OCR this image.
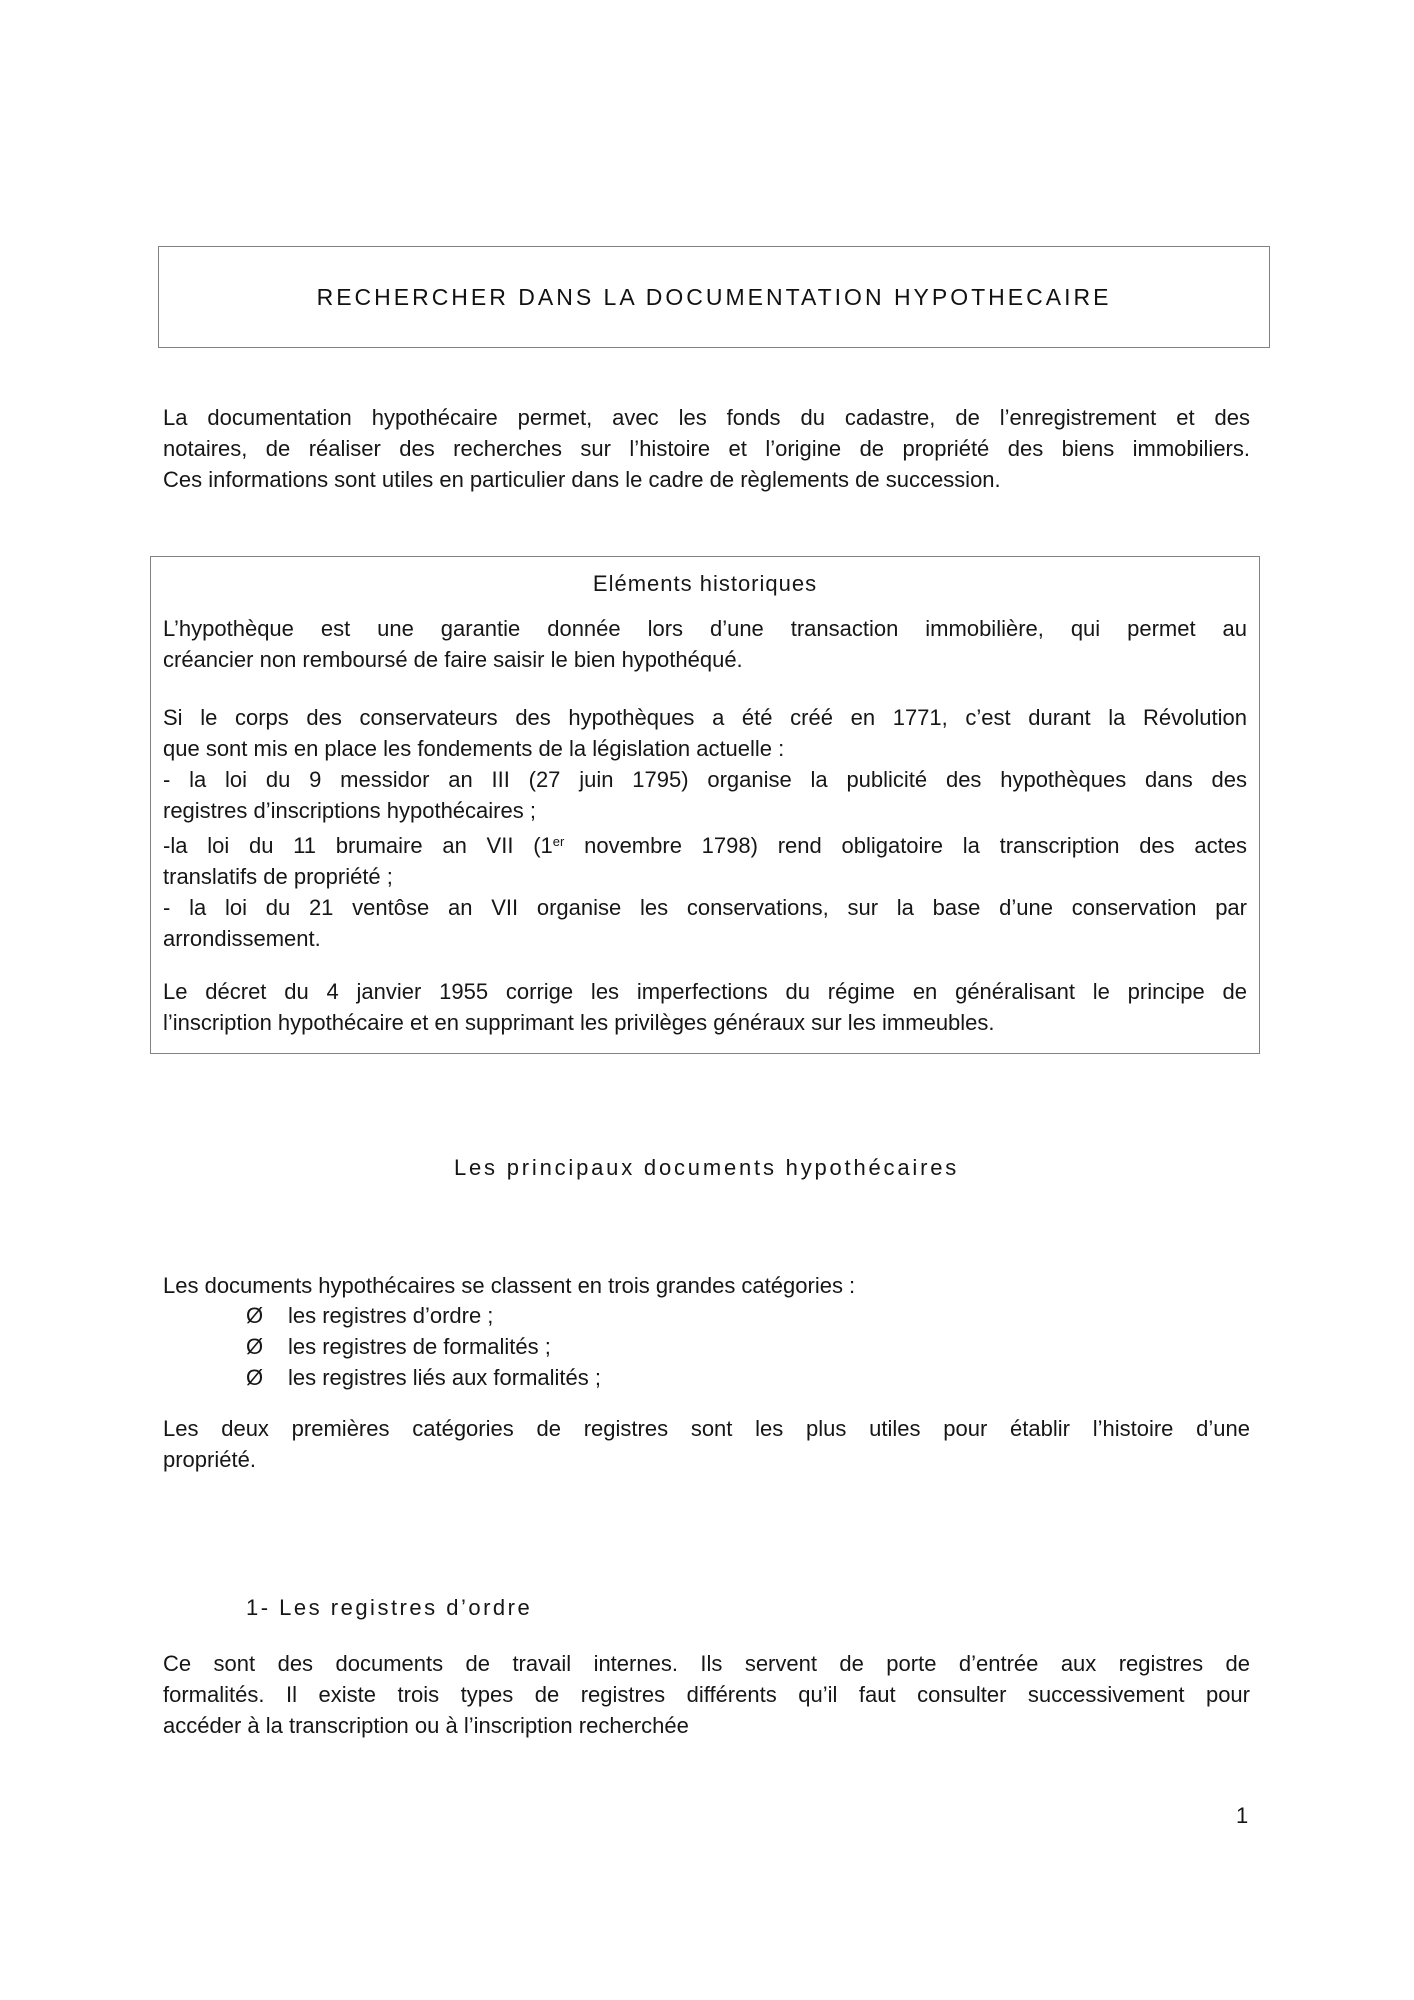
RECHERCHER DANS LA DOCUMENTATION HYPOTHECAIRE
La documentation hypothécaire permet, avec les fonds du cadastre, de l’enregistrement et des
notaires, de réaliser des recherches sur l’histoire et l’origine de propriété des biens immobiliers.
Ces informations sont utiles en particulier dans le cadre de règlements de succession.
Eléments historiques
L’hypothèque est une garantie donnée lors d’une transaction immobilière, qui permet au
créancier non remboursé de faire saisir le bien hypothéqué.
Si le corps des conservateurs des hypothèques a été créé en 1771, c’est durant la Révolution
que sont mis en place les fondements de la législation actuelle :
- la loi du 9 messidor an III (27 juin 1795) organise la publicité des hypothèques dans des
registres d’inscriptions hypothécaires ;
-la loi du 11 brumaire an VII (1er novembre 1798) rend obligatoire la transcription des actes
translatifs de propriété ;
- la loi du 21 ventôse an VII organise les conservations, sur la base d’une conservation par
arrondissement.
Le décret du 4 janvier 1955 corrige les imperfections du régime en généralisant le principe de
l’inscription hypothécaire et en supprimant les privilèges généraux sur les immeubles.
Les principaux documents hypothécaires
Les documents hypothécaires se classent en trois grandes catégories :
Ø	les registres d’ordre ;
Ø	les registres de formalités ;
Ø	les registres liés aux formalités ;
Les deux premières catégories de registres sont les plus utiles pour établir l’histoire d’une
propriété.
1- Les registres d’ordre
Ce sont des documents de travail internes. Ils servent de porte d’entrée aux registres de
formalités. Il existe trois types de registres différents qu’il faut consulter successivement pour
accéder à la transcription ou à l’inscription recherchée
1
